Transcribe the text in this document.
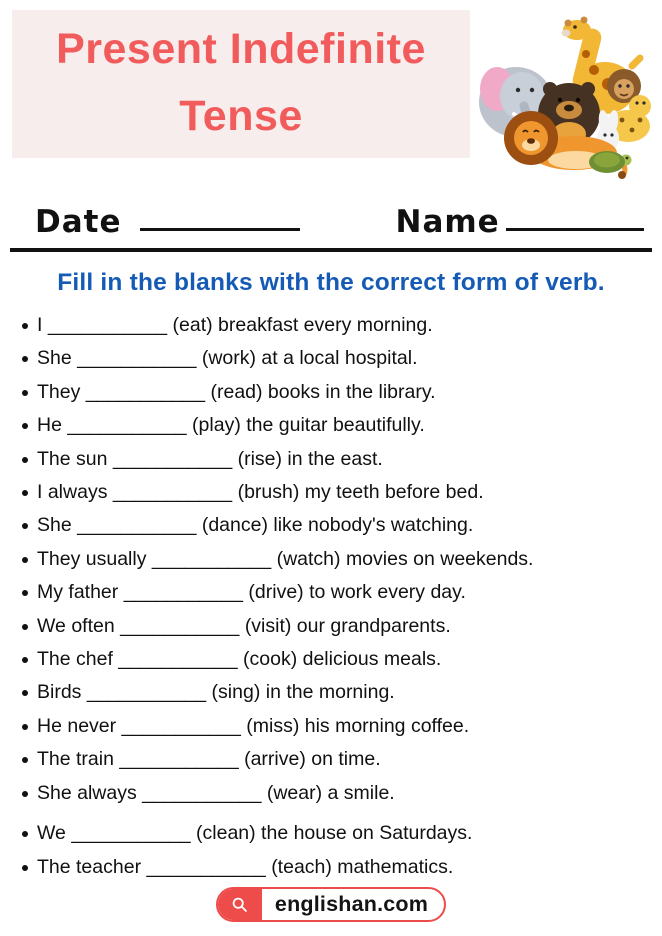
Present Indefinite
Tense
Date	Name
Fill in the blanks with the correct form of verb.
I ___________ (eat) breakfast every morning.
She ___________ (work) at a local hospital.
They ___________ (read) books in the library.
He ___________ (play) the guitar beautifully.
The sun ___________ (rise) in the east.
I always ___________ (brush) my teeth before bed.
She ___________ (dance) like nobody's watching.
They usually ___________ (watch) movies on weekends.
My father ___________ (drive) to work every day.
We often ___________ (visit) our grandparents.
The chef ___________ (cook) delicious meals.
Birds ___________ (sing) in the morning.
He never ___________ (miss) his morning coffee.
The train ___________ (arrive) on time.
She always ___________ (wear) a smile.
We ___________ (clean) the house on Saturdays.
The teacher ___________ (teach) mathematics.
englishan.com
